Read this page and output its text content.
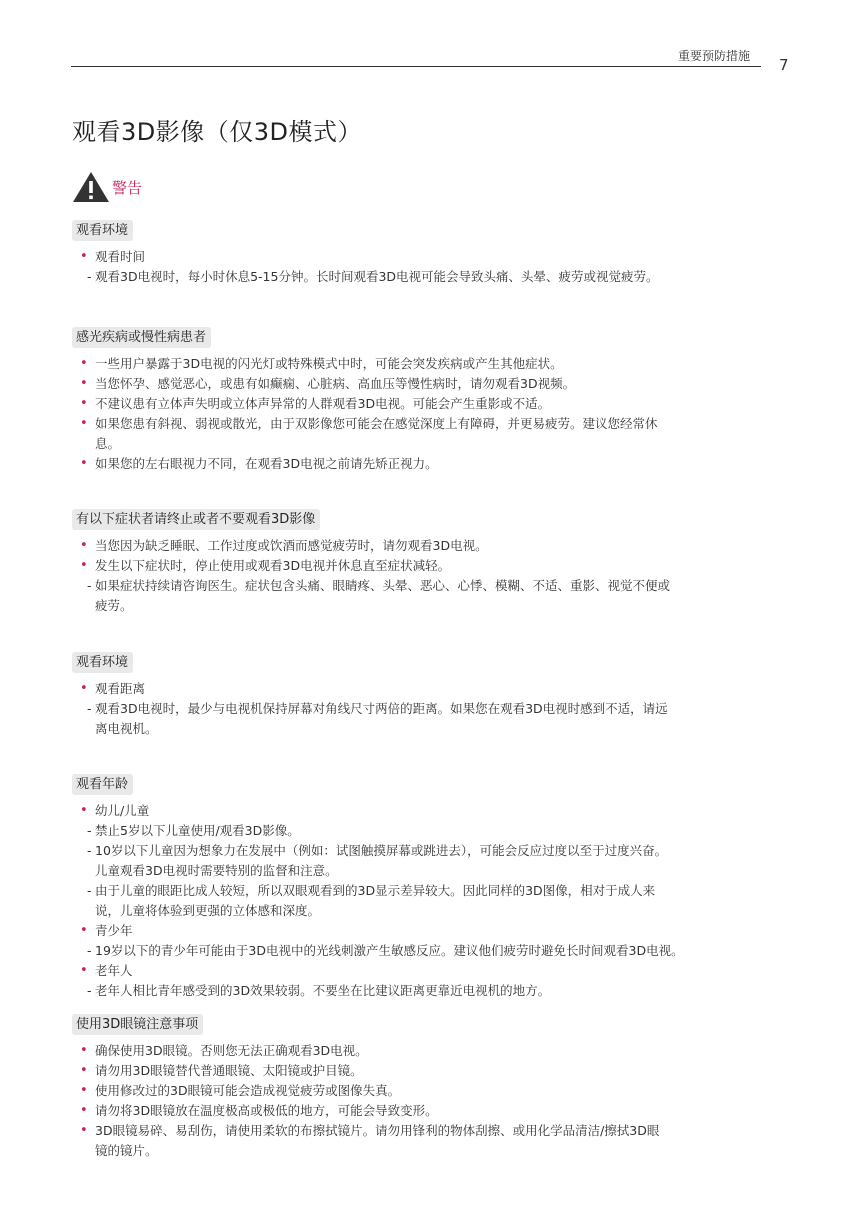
重要预防措施 7
观看3D影像（仅3D模式）
警告
观看环境
• 观看时间
- 观看3D电视时，每小时休息5-15分钟。长时间观看3D电视可能会导致头痛、头晕、疲劳或视觉疲劳。
感光疾病或慢性病患者
• 一些用户暴露于3D电视的闪光灯或特殊模式中时，可能会突发疾病或产生其他症状。
• 当您怀孕、感觉恶心，或患有如癫痫、心脏病、高血压等慢性病时，请勿观看3D视频。
• 不建议患有立体声失明或立体声异常的人群观看3D电视。可能会产生重影或不适。
• 如果您患有斜视、弱视或散光，由于双影像您可能会在感觉深度上有障碍，并更易疲劳。建议您经常休
息。
• 如果您的左右眼视力不同，在观看3D电视之前请先矫正视力。
有以下症状者请终止或者不要观看3D影像
• 当您因为缺乏睡眠、工作过度或饮酒而感觉疲劳时，请勿观看3D电视。
• 发生以下症状时，停止使用或观看3D电视并休息直至症状减轻。
- 如果症状持续请咨询医生。症状包含头痛、眼睛疼、头晕、恶心、心悸、模糊、不适、重影、视觉不便或
疲劳。
观看环境
• 观看距离
- 观看3D电视时，最少与电视机保持屏幕对角线尺寸两倍的距离。如果您在观看3D电视时感到不适，请远
离电视机。
观看年龄
• 幼儿/儿童
- 禁止5岁以下儿童使用/观看3D影像。
- 10岁以下儿童因为想象力在发展中（例如：试图触摸屏幕或跳进去），可能会反应过度以至于过度兴奋。
儿童观看3D电视时需要特别的监督和注意。
- 由于儿童的眼距比成人较短，所以双眼观看到的3D显示差异较大。因此同样的3D图像，相对于成人来
说，儿童将体验到更强的立体感和深度。
• 青少年
- 19岁以下的青少年可能由于3D电视中的光线刺激产生敏感反应。建议他们疲劳时避免长时间观看3D电视。
• 老年人
- 老年人相比青年感受到的3D效果较弱。不要坐在比建议距离更靠近电视机的地方。
使用3D眼镜注意事项
• 确保使用3D眼镜。否则您无法正确观看3D电视。
• 请勿用3D眼镜替代普通眼镜、太阳镜或护目镜。
• 使用修改过的3D眼镜可能会造成视觉疲劳或图像失真。
• 请勿将3D眼镜放在温度极高或极低的地方，可能会导致变形。
• 3D眼镜易碎、易刮伤，请使用柔软的布擦拭镜片。请勿用锋利的物体刮擦、或用化学品清洁/擦拭3D眼
镜的镜片。
